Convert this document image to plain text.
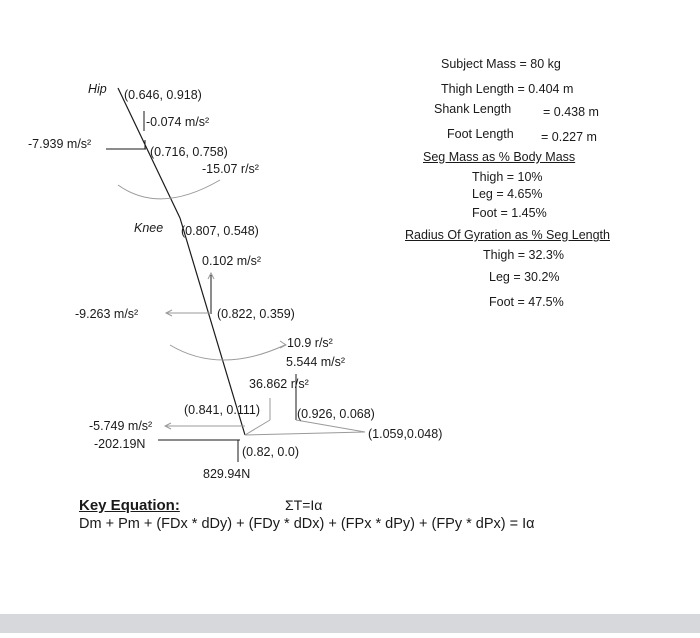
Hip (0.646, 0.918)
-0.074 m/s²
-7.939 m/s²
(0.716, 0.758)
-15.07 r/s²
Knee (0.807, 0.548)
0.102 m/s²
-9.263 m/s²	(0.822, 0.359)
10.9 r/s²
5.544 m/s²
36.862 r/s²
(0.841, 0.111)	(0.926, 0.068)
(1.059,0.048)
-5.749 m/s²
-202.19N
(0.82, 0.0)
829.94N
Subject Mass = 80 kg
Thigh Length = 0.404 m
Shank Length	= 0.438 m
Foot Length = 0.227 m
Seg Mass as % Body Mass
Thigh = 10%
Leg = 4.65%
Foot = 1.45%
Radius Of Gyration as % Seg Length
Thigh = 32.3%
Leg = 30.2%
Foot = 47.5%
Key Equation:	ΣT=Iα
Dm + Pm + (FDx * dDy) + (FDy * dDx) + (FPx * dPy) + (FPy * dPx) = Iα
